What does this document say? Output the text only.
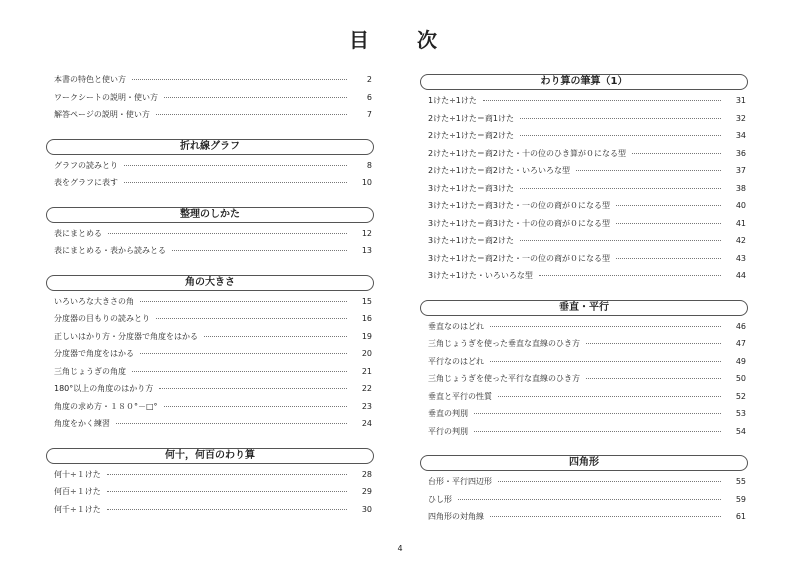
目　次
本書の特色と使い方	2
ワークシートの説明・使い方	6
解答ページの説明・使い方	7
折れ線グラフ
グラフの読みとり	8
表をグラフに表す	10
整理のしかた
表にまとめる	12
表にまとめる・表から読みとる	13
角の大きさ
いろいろな大きさの角	15
分度器の目もりの読みとり	16
正しいはかり方・分度器で角度をはかる	19
分度器で角度をはかる	20
三角じょうぎの角度	21
180°以上の角度のはかり方	22
角度の求め方・１８０°－□°	23
角度をかく練習	24
何十，何百のわり算
何十÷１けた	28
何百÷１けた	29
何千÷１けた	30
わり算の筆算（1）
1けた÷1けた	31
2けた÷1けた＝商1けた	32
2けた÷1けた＝商2けた	34
2けた÷1けた＝商2けた・十の位のひき算が０になる型	36
2けた÷1けた＝商2けた・いろいろな型	37
3けた÷1けた＝商3けた	38
3けた÷1けた＝商3けた・一の位の商が０になる型	40
3けた÷1けた＝商3けた・十の位の商が０になる型	41
3けた÷1けた＝商2けた	42
3けた÷1けた＝商2けた・一の位の商が０になる型	43
3けた÷1けた・いろいろな型	44
垂直・平行
垂直なのはどれ	46
三角じょうぎを使った垂直な直線のひき方	47
平行なのはどれ	49
三角じょうぎを使った平行な直線のひき方	50
垂直と平行の性質	52
垂直の判別	53
平行の判別	54
四角形
台形・平行四辺形	55
ひし形	59
四角形の対角線	61
4
